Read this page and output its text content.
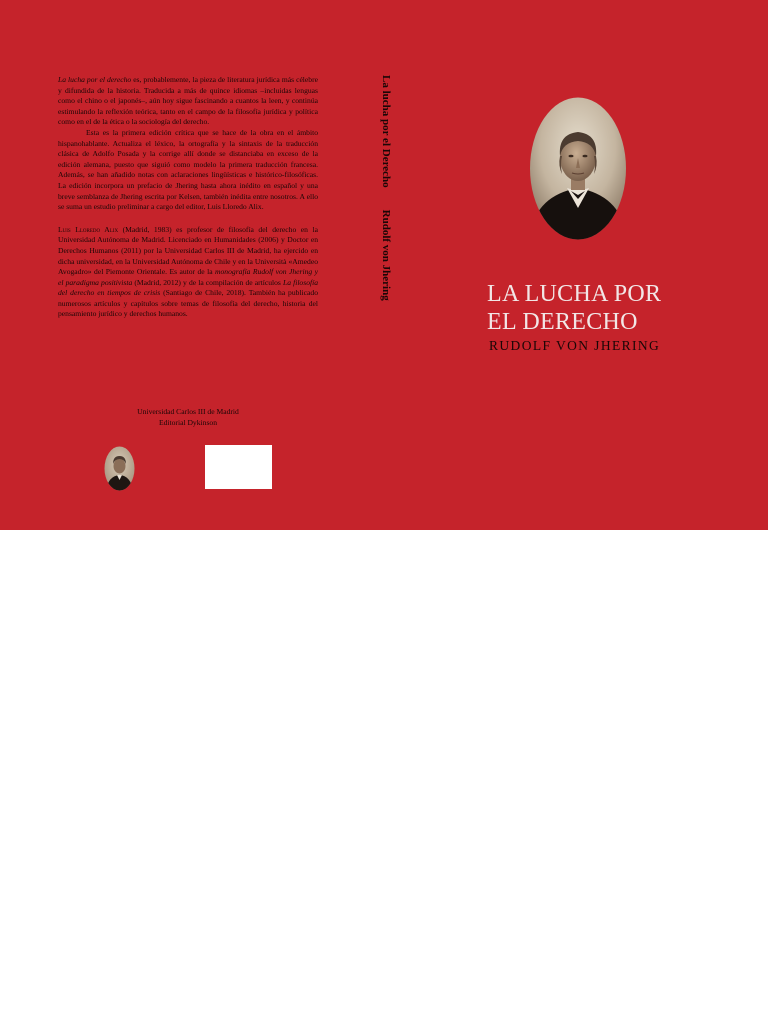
La lucha por el derecho es, probablemente, la pieza de literatura jurídica más célebre y difundida de la historia. Traducida a más de quince idiomas –incluidas lenguas como el chino o el japonés–, aún hoy sigue fascinando a cuantos la leen, y continúa estimulando la reflexión teórica, tanto en el campo de la filosofía jurídica y política como en el de la ética o la sociología del derecho.

Esta es la primera edición crítica que se hace de la obra en el ámbito hispanohablante. Actualiza el léxico, la ortografía y la sintaxis de la traducción clásica de Adolfo Posada y la corrige allí donde se distanciaba en exceso de la edición alemana, puesto que siguió como modelo la primera traducción francesa. Además, se han añadido notas con aclaraciones lingüísticas e histórico-filosóficas. La edición incorpora un prefacio de Jhering hasta ahora inédito en español y una breve semblanza de Jhering escrita por Kelsen, también inédita entre nosotros. A ello se suma un estudio preliminar a cargo del editor, Luis Lloredo Alix.

Luis Lloredo Alix (Madrid, 1983) es profesor de filosofía del derecho en la Universidad Autónoma de Madrid. Licenciado en Humanidades (2006) y Doctor en Derechos Humanos (2011) por la Universidad Carlos III de Madrid, ha ejercido en dicha universidad, en la Universidad Autónoma de Chile y en la Università «Amedeo Avogadro» del Piemonte Orientale. Es autor de la monografía Rudolf von Jhering y el paradigma positivista (Madrid, 2012) y de la compilación de artículos La filosofía del derecho en tiempos de crisis (Santiago de Chile, 2018). También ha publicado numerosos artículos y capítulos sobre temas de filosofía del derecho, historia del pensamiento jurídico y derechos humanos.

Universidad Carlos III de Madrid
Editorial Dykinson
La lucha por el DerechoRudolf von Jhering	LA LUCHA POR
EL DERECHO
RUDOLF VON JHERING
